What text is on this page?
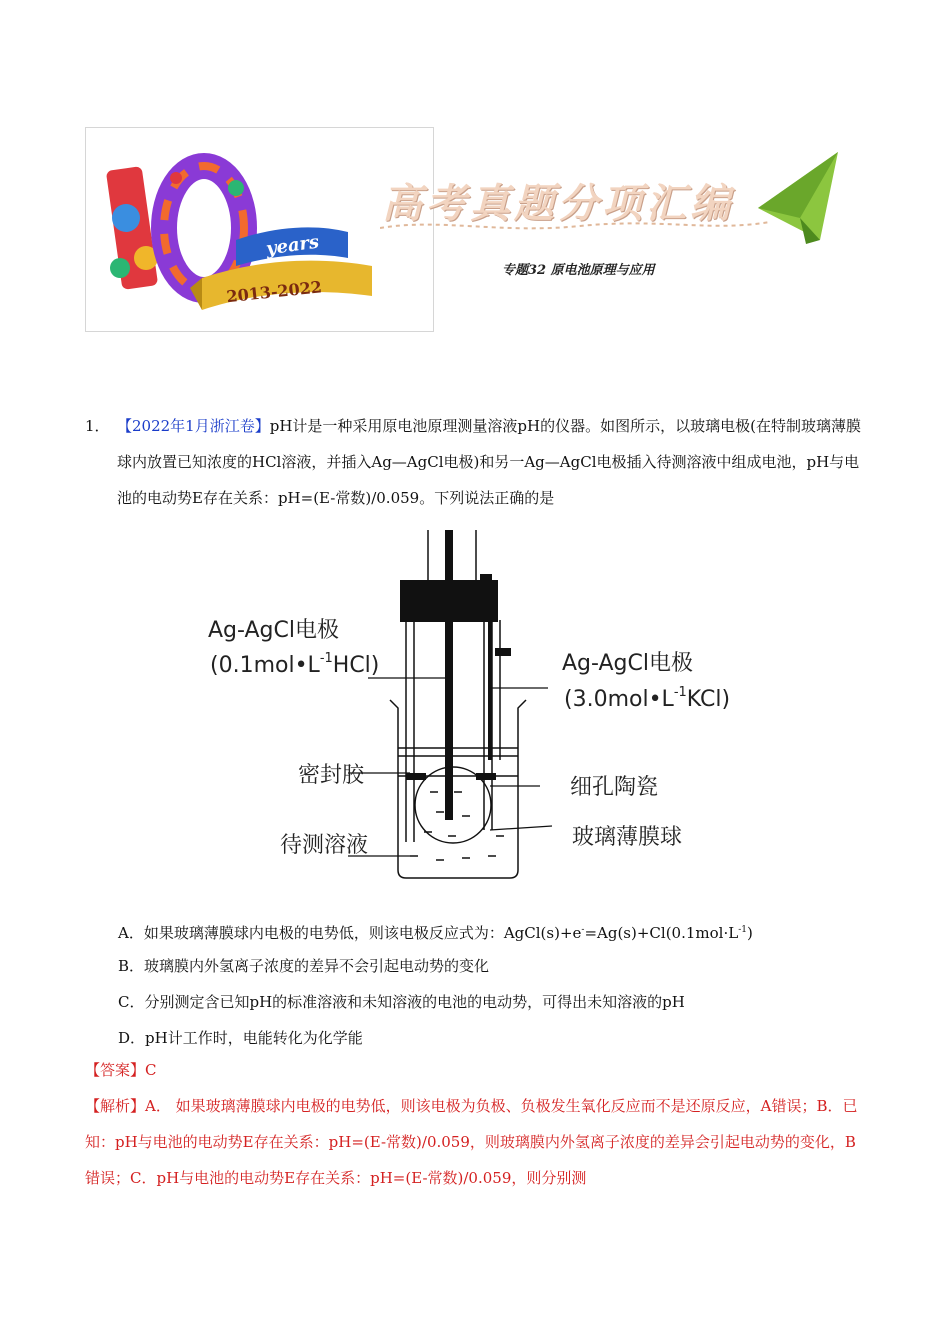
years
2013-2022
高考真题分项汇编
专题32 原电池原理与应用
1． 【2022年1月浙江卷】pH计是一种采用原电池原理测量溶液pH的仪器。如图所示，以玻璃电极(在特制玻璃薄膜球内放置已知浓度的HCl溶液，并插入Ag—AgCl电极)和另一Ag—AgCl电极插入待测溶液中组成电池，pH与电池的电动势E存在关系：pH=(E-常数)/0.059。下列说法正确的是
Ag-AgCl电极
$(0.1mol•L^{-1}HCl)$	Ag-AgCl电极
$(3.0mol•L^{-1}KCl)$
密封胶	细孔陶瓷
待测溶液	玻璃薄膜球
A．如果玻璃薄膜球内电极的电势低，则该电极反应式为：$AgCl(s)+e^-=Ag(s)+Cl(0.1mol\cdot L^{-1})$
B．玻璃膜内外氢离子浓度的差异不会引起电动势的变化
C．分别测定含已知pH的标准溶液和未知溶液的电池的电动势，可得出未知溶液的pH
D．pH计工作时，电能转化为化学能
【答案】C
【解析】A． 如果玻璃薄膜球内电极的电势低，则该电极为负极、负极发生氧化反应而不是还原反应，A错误；B．已知：pH与电池的电动势E存在关系：pH=(E-常数)/0.059，则玻璃膜内外氢离子浓度的差异会引起电动势的变化，B错误；C．pH与电池的电动势E存在关系：pH=(E-常数)/0.059，则分别测
